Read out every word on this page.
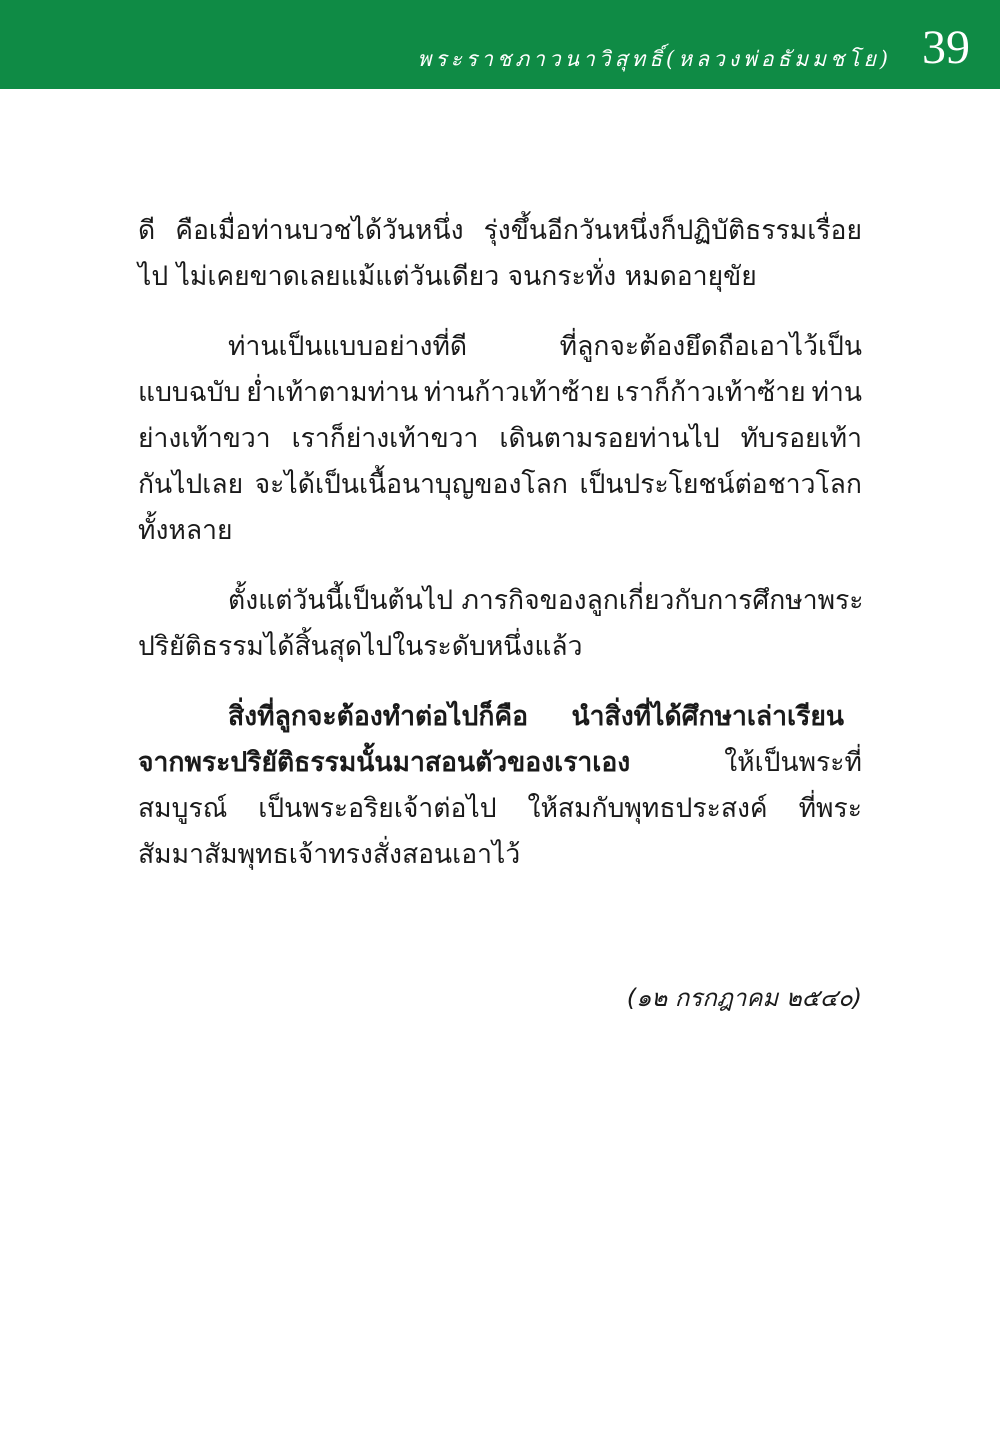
พระราชภาวนาวิสุทธิ์(หลวงพ่อธัมมชโย) 39
ดี คือเมื่อท่านบวชได้วันหนึ่ง รุ่งขึ้นอีกวันหนึ่งก็ปฏิบัติธรรมเรื่อย
ไป ไม่เคยขาดเลยแม้แต่วันเดียว จนกระทั่ง หมดอายุขัย
ท่านเป็นแบบอย่างที่ดี	ที่ลูกจะต้องยึดถือเอาไว้เป็น
แบบฉบับ ย่ำเท้าตามท่าน ท่านก้าวเท้าซ้าย เราก็ก้าวเท้าซ้าย ท่าน
ย่างเท้าขวา เราก็ย่างเท้าขวา เดินตามรอยท่านไป ทับรอยเท้า
กันไปเลย จะได้เป็นเนื้อนาบุญของโลก เป็นประโยชน์ต่อชาวโลก
ทั้งหลาย
ตั้งแต่วันนี้เป็นต้นไป ภารกิจของลูกเกี่ยวกับการศึกษาพระ
ปริยัติธรรมได้สิ้นสุดไปในระดับหนึ่งแล้ว
สิ่งที่ลูกจะต้องทำต่อไปก็คือ นำสิ่งที่ได้ศึกษาเล่าเรียน
จากพระปริยัติธรรมนั้นมาสอนตัวของเราเอง	ให้เป็นพระที่
สมบูรณ์ เป็นพระอริยเจ้าต่อไป ให้สมกับพุทธประสงค์ ที่พระ
สัมมาสัมพุทธเจ้าทรงสั่งสอนเอาไว้
(๑๒ กรกฎาคม ๒๕๔๐)
